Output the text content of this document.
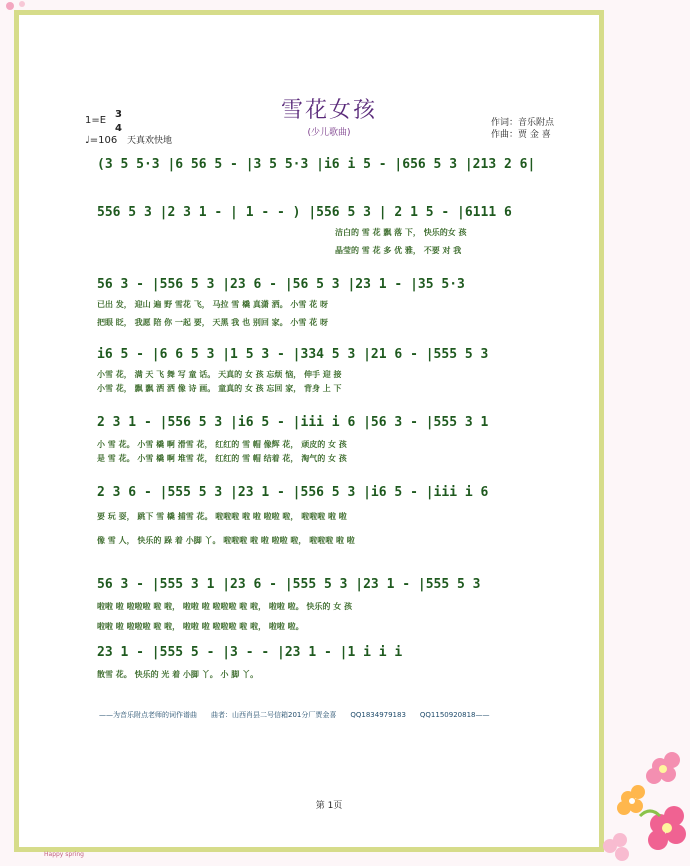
雪花女孩
(少儿歌曲)
1=E
3
4
♩=106 天真欢快地
作词：音乐附点
作曲：贾 金 喜
(3 5 5·3 |6 56 5 - |3 5 5·3 |i6 i 5 - |656 5 3 |213 2 6|
556 5 3 |2 3 1 - | 1 - - ) |556 5 3 | 2 1 5 - |6111 6
洁白的 雪 花 飘 落 下， 快乐的女 孩
晶莹的 雪 花 多 优 雅， 不要 对 我
56 3 - |556 5 3 |23 6 - |56 5 3 |23 1 - |35 5·3
已出 发， 迎山 遍 野 雪花 飞， 马拉 雪 橇 真潇 洒。 小雪 花 呀
把眼 眨， 我愿 陪 你 一起 要， 天黑 我 也 别回 家。 小雪 花 呀
i6 5 - |6 6 5 3 |1 5 3 - |334 5 3 |21 6 - |555 5 3
小雪 花， 满 天 飞 舞 写 童 话。 天真的 女 孩 忘烦 恼， 伸手 迎 接
小雪 花， 飘 飘 洒 洒 像 诗 画。 童真的 女 孩 忘回 家， 背身 上 下
2 3 1 - |556 5 3 |i6 5 - |iii i 6 |56 3 - |555 3 1
小 雪 花。 小雪 橇 啊 滑雪 花， 红红的 雪 帽 像辉 花， 顽皮的 女 孩
是 雪 花。 小雪 橇 啊 堆雪 花， 红红的 雪 帽 结着 花， 淘气的 女 孩
2 3 6 - |555 5 3 |23 1 - |556 5 3 |i6 5 - |iii i 6
要 玩 耍， 跳下 雪 橇 捕雪 花。 啦啦啦 啦 啦 啦啦 啦， 啦啦啦 啦 啦
像 雪 人， 快乐的 跺 着 小脚 丫。 啦啦啦 啦 啦 啦啦 啦， 啦啦啦 啦 啦
56 3 - |555 3 1 |23 6 - |555 5 3 |23 1 - |555 5 3
啦啦 啦 啦啦啦 啦 啦， 啦啦 啦 啦啦啦 啦 啦， 啦啦 啦。 快乐的 女 孩
啦啦 啦 啦啦啦 啦 啦， 啦啦 啦 啦啦啦 啦 啦， 啦啦 啦。
23 1 - |555 5 - |3 - - |23 1 - |1 i i i
散雪 花。 快乐的 光 着 小脚 丫。 小 脚 丫。
——为音乐附点老师的词作谱曲　　曲者：山西肖县二号信箱201分厂贾金喜　　QQ1834979183　　QQ1150920818——
第 1页
Happy spring
